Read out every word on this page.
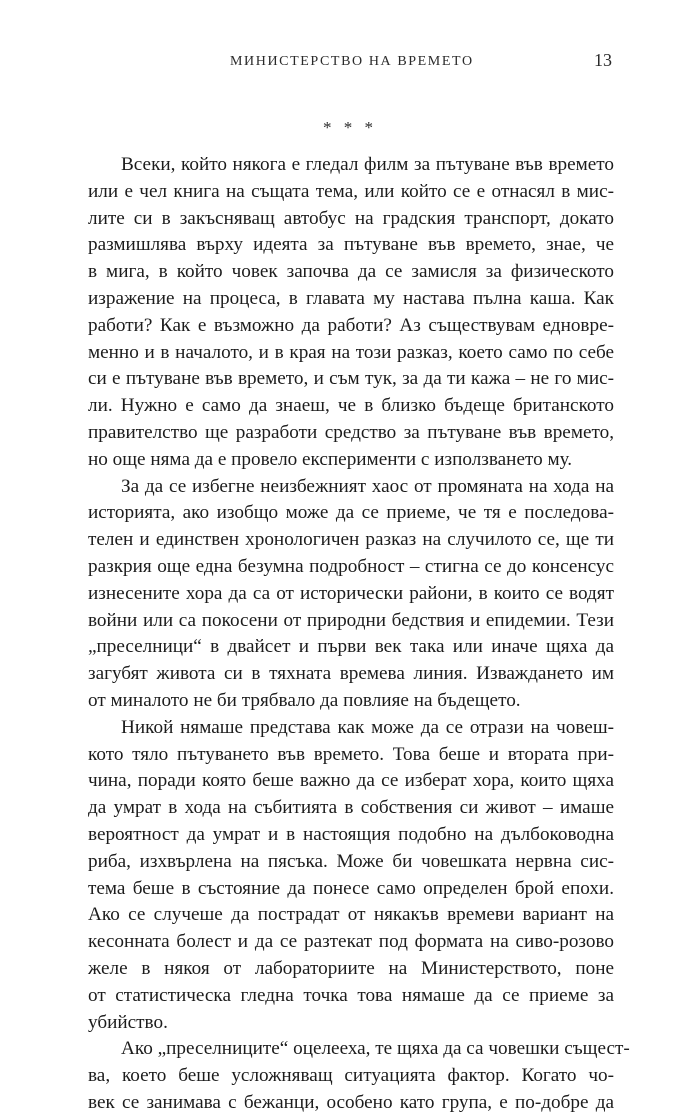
МИНИСТЕРСТВО НА ВРЕМЕТО	13
* * *
Всеки, който някога е гледал филм за пътуване във времето
или е чел книга на същата тема, или който се е отнасял в мис-
лите си в закъсняващ автобус на градския транспорт, докато
размишлява върху идеята за пътуване във времето, знае, че
в мига, в който човек започва да се замисля за физическото
изражение на процеса, в главата му настава пълна каша. Как
работи? Как е възможно да работи? Аз съществувам едновре-
менно и в началото, и в края на този разказ, което само по себе
си е пътуване във времето, и съм тук, за да ти кажа – не го мис-
ли. Нужно е само да знаеш, че в близко бъдеще британското
правителство ще разработи средство за пътуване във времето,
но още няма да е провело експерименти с използването му.
За да се избегне неизбежният хаос от промяната на хода на
историята, ако изобщо може да се приеме, че тя е последова-
телен и единствен хронологичен разказ на случилото се, ще ти
разкрия още една безумна подробност – стигна се до консенсус
изнесените хора да са от исторически райони, в които се водят
войни или са покосени от природни бедствия и епидемии. Тези
„преселници“ в двайсет и първи век така или иначе щяха да
загубят живота си в тяхната времева линия. Изваждането им
от миналото не би трябвало да повлияе на бъдещето.
Никой нямаше представа как може да се отрази на човеш-
кото тяло пътуването във времето. Това беше и втората при-
чина, поради която беше важно да се изберат хора, които щяха
да умрат в хода на събитията в собствения си живот – имаше
вероятност да умрат и в настоящия подобно на дълбоководна
риба, изхвърлена на пясъка. Може би човешката нервна сис-
тема беше в състояние да понесе само определен брой епохи.
Ако се случеше да пострадат от някакъв времеви вариант на
кесонната болест и да се разтекат под формата на сиво-розово
желе в някоя от лабораториите на Министерството, поне
от статистическа гледна точка това нямаше да се приеме за
убийство.
Ако „преселниците“ оцелееха, те щяха да са човешки същест-
ва, което беше усложняващ ситуацията фактор. Когато чо-
век се занимава с бежанци, особено като група, е по-добре да
